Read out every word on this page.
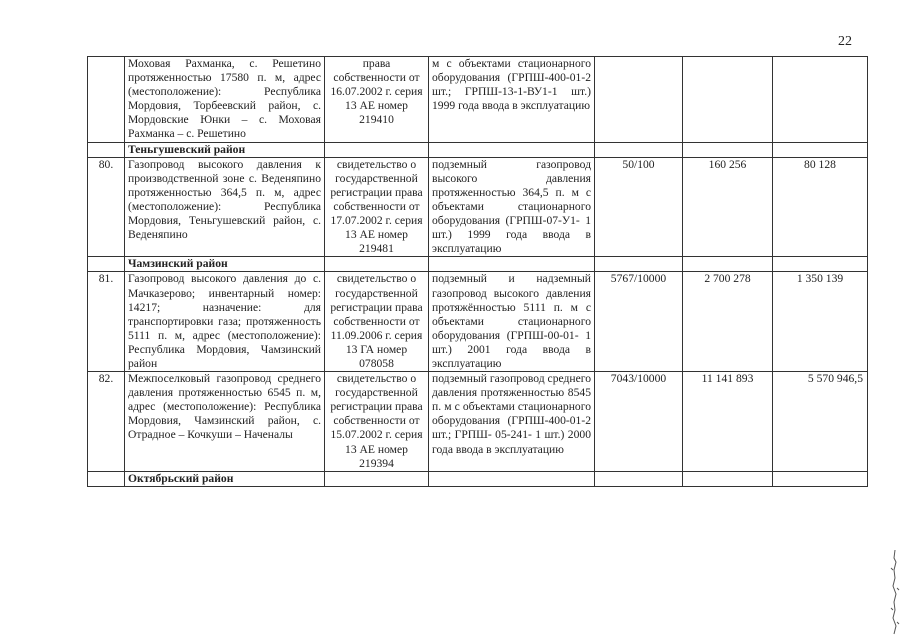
22
	Моховая Рахманка, с. Решетино протяженностью 17580 п. м, адрес (местоположение): Республика Мордовия, Торбеевский район, с. Мордовские Юнки – с. Моховая Рахманка – с. Решетино	права собственности от 16.07.2002 г. серия 13 АЕ номер 219410	м с объектами стационарного оборудования (ГРПШ-400-01-2 шт.; ГРПШ-13-1-ВУ1-1 шт.) 1999 года ввода в эксплуатацию			
	Теньгушевский район					
80.	Газопровод высокого давления к производственной зоне с. Веденяпино протяженностью 364,5 п. м, адрес (местоположение): Республика Мордовия, Теньгушевский район, с. Веденяпино	свидетельство о государственной регистрации права собственности от 17.07.2002 г. серия 13 АЕ номер 219481	подземный газопровод высокого давления протяженностью 364,5 п. м с объектами стационарного оборудования (ГРПШ-07-У1- 1 шт.) 1999 года ввода в эксплуатацию	50/100	160 256	80 128
	Чамзинский район					
81.	Газопровод высокого давления до с. Мачказерово; инвентарный номер: 14217; назначение: для транспортировки газа; протяженность 5111 п. м, адрес (местоположение): Республика Мордовия, Чамзинский район	свидетельство о государственной регистрации права собственности от 11.09.2006 г. серия 13 ГА номер 078058	подземный и надземный газопровод высокого давления протяжённостью 5111 п. м с объектами стационарного оборудования (ГРПШ-00-01- 1 шт.) 2001 года ввода в эксплуатацию	5767/10000	2 700 278	1 350 139
82.	Межпоселковый газопровод среднего давления протяженностью 6545 п. м, адрес (местоположение): Республика Мордовия, Чамзинский район, с. Отрадное – Кочкуши – Наченалы	свидетельство о государственной регистрации права собственности от 15.07.2002 г. серия 13 АЕ номер 219394	подземный газопровод среднего давления протяженностью 8545 п. м с объектами стационарного оборудования (ГРПШ-400-01-2 шт.; ГРПШ- 05-241- 1 шт.) 2000 года ввода в эксплуатацию	7043/10000	11 141 893	5 570 946,5
	Октябрьский район					
